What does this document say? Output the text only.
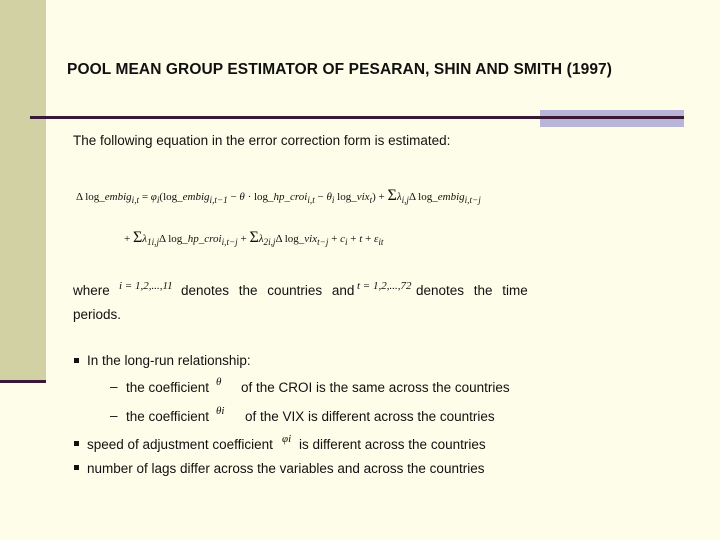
POOL MEAN GROUP ESTIMATOR OF PESARAN, SHIN AND SMITH (1997)
The following equation in the error correction form is estimated:
Δ log_embig$_{i,t}$ = $\varphi_i(\log\_embig_{i,t-1} - \theta$ · log_hp_croi$_{i,t}$ − $\theta_i$ log_vix$_t$) + $\Sigma\lambda_{i,j}\Delta$ log_embig$_{i,t-j}$
+ $\Sigma\lambda_{1i,j}\Delta$ log_hp_croi$_{i,t-j}$ + $\Sigma\lambda_{2i,j}\Delta$ log_vix$_{t-j}$ + $c_i + t + \varepsilon_{it}$
where i = 1,2,...,11 denotes the countries and t = 1,2,...,72 denotes the time
periods.
In the long-run relationship:
– the coefficient θ of the CROI is the same across the countries
– the coefficient θi of the VIX is different across the countries
speed of adjustment coefficient φi is different across the countries
number of lags differ across the variables and across the countries
